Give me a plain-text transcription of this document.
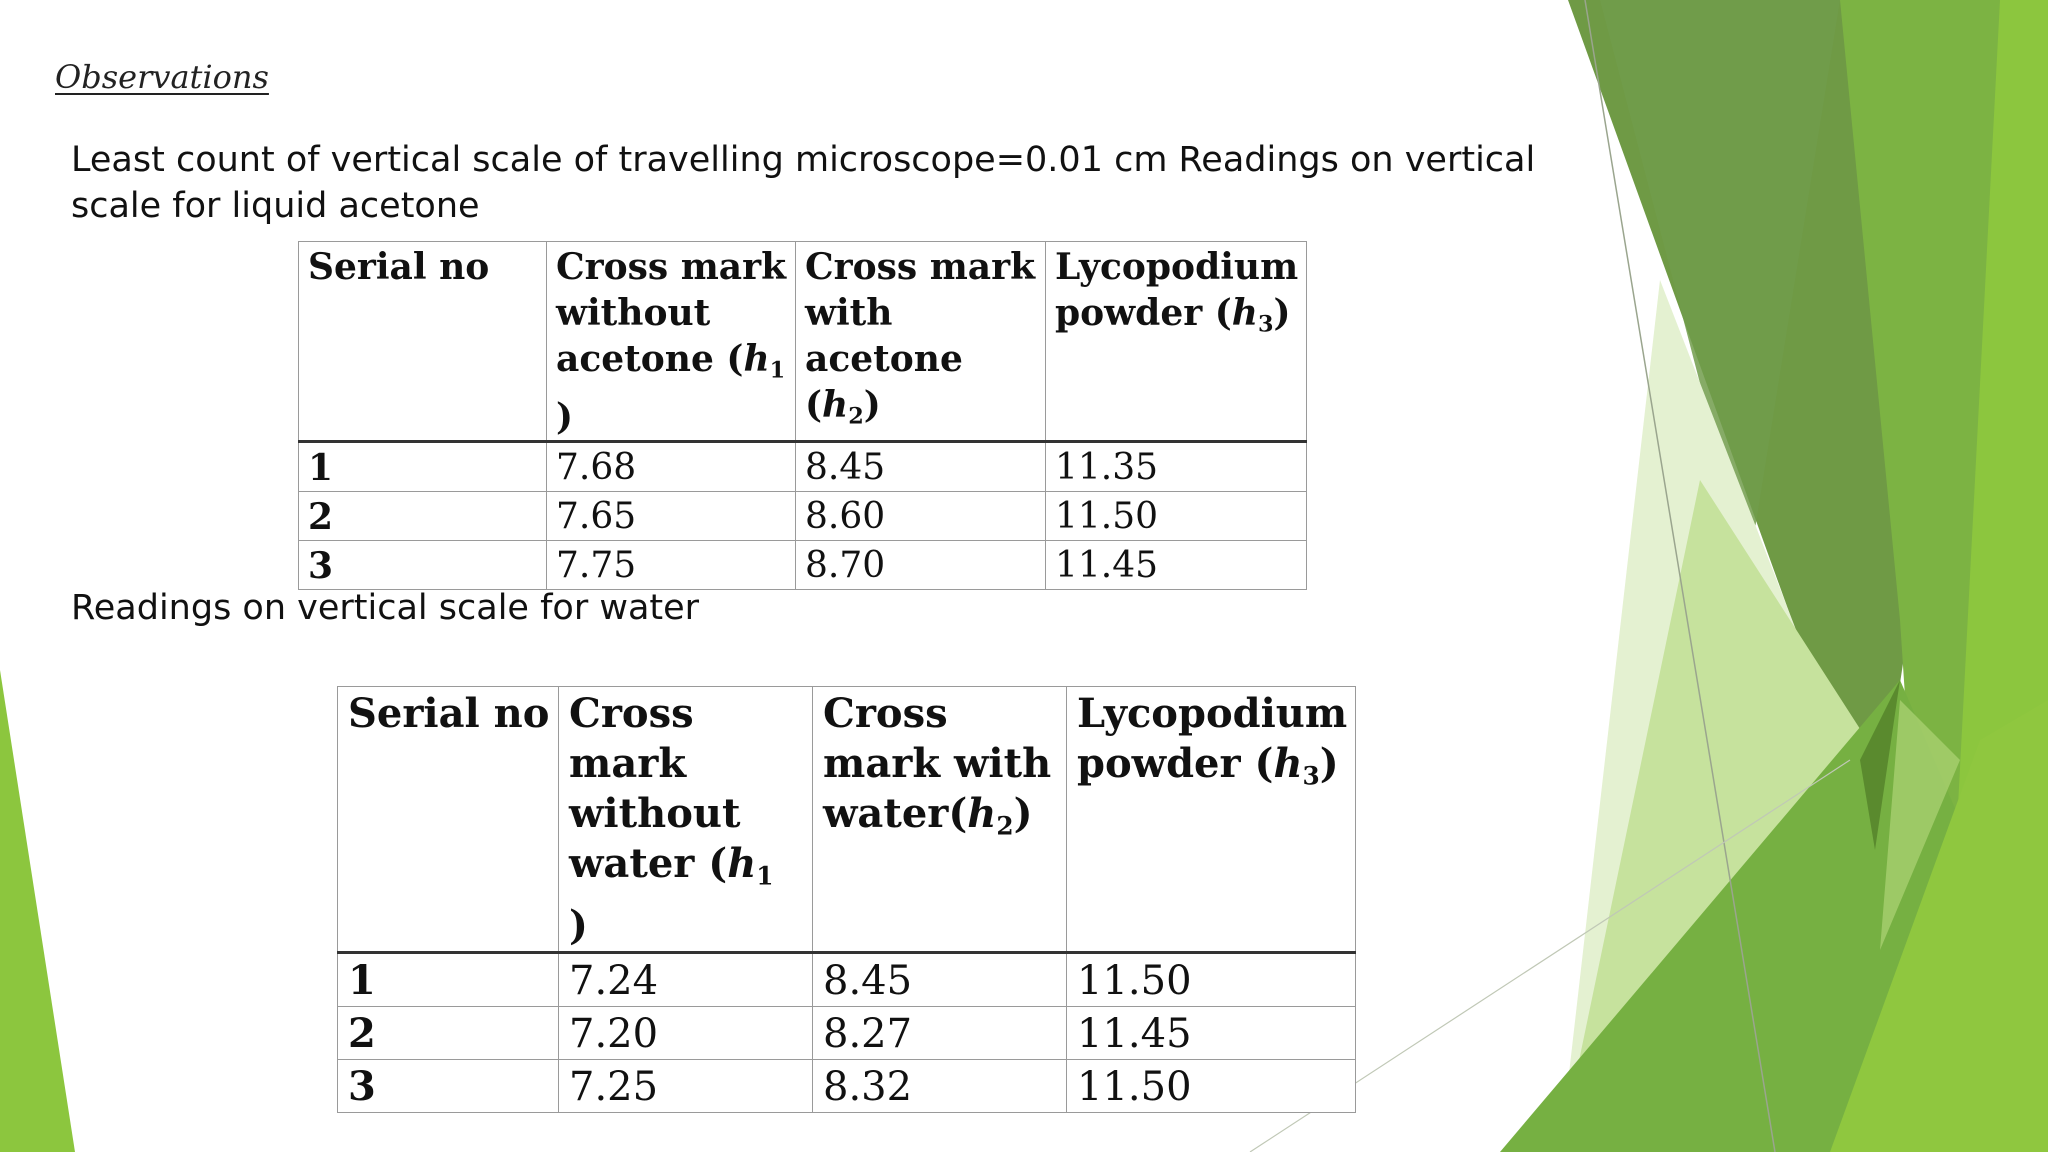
Observations

Least count of vertical scale of travelling microscope=0.01 cm Readings on vertical scale for liquid acetone

Serial no	Cross mark without acetone ($h_1$ )	Cross mark with acetone $(h_2)$	Lycopodium powder $(h_3)$
1	7.68	8.45	11.35
2	7.65	8.60	11.50
3	7.75	8.70	11.45

Readings on vertical scale for water

Serial no	Cross mark without water ($h_1$ )	Cross mark with $water(h_2)$	Lycopodium powder $(h_3)$
1	7.24	8.45	11.50
2	7.20	8.27	11.45
3	7.25	8.32	11.50
